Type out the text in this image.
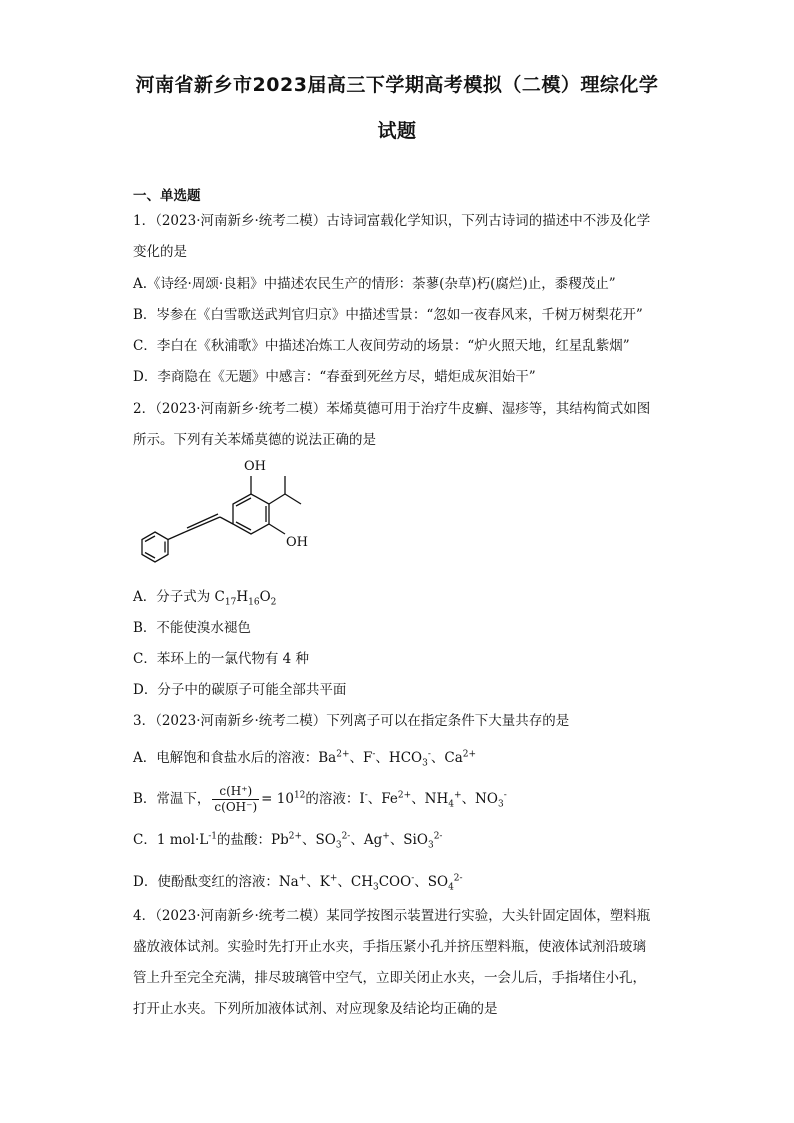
河南省新乡市2023届高三下学期高考模拟（二模）理综化学
试题
一、单选题
1．（2023·河南新乡·统考二模）古诗词富载化学知识，下列古诗词的描述中不涉及化学
变化的是
A.《诗经·周颂·良耜》中描述农民生产的情形：荼蓼(杂草)朽(腐烂)止，黍稷茂止”
B．岑参在《白雪歌送武判官归京》中描述雪景：“忽如一夜春风来，千树万树梨花开”
C．李白在《秋浦歌》中描述冶炼工人夜间劳动的场景：“炉火照天地，红星乱紫烟”
D．李商隐在《无题》中感言：“春蚕到死丝方尽，蜡炬成灰泪始干”
2．（2023·河南新乡·统考二模）苯烯莫德可用于治疗牛皮癣、湿疹等，其结构简式如图
所示。下列有关苯烯莫德的说法正确的是
OH
OH
A．分子式为 $C_{17}H_{16}O_2$
B．不能使溴水褪色
C．苯环上的一氯代物有 4 种
D．分子中的碳原子可能全部共平面
3．（2023·河南新乡·统考二模）下列离子可以在指定条件下大量共存的是
A．电解饱和食盐水后的溶液：$Ba^{2+}$、F-、$HCO_3^-$、$Ca^{2+}$
B．常温下， $\frac{c(H^+)}{c(OH^-)} = 10^{12}$的溶液：I-、$Fe^{2+}$、$NH_4^+$、$NO_3^-$
C．1 $mol\cdot L^{-1}$的盐酸：$Pb^{2+}$、$SO_3^{2-}$、Ag+、SiO$_3^{2-}$
D．使酚酞变红的溶液：Na+、K+、$CH_3COO^-$、$SO_4^{2-}$
4．（2023·河南新乡·统考二模）某同学按图示装置进行实验，大头针固定固体，塑料瓶
盛放液体试剂。实验时先打开止水夹，手指压紧小孔并挤压塑料瓶，使液体试剂沿玻璃
管上升至完全充满，排尽玻璃管中空气，立即关闭止水夹，一会儿后，手指堵住小孔，
打开止水夹。下列所加液体试剂、对应现象及结论均正确的是
